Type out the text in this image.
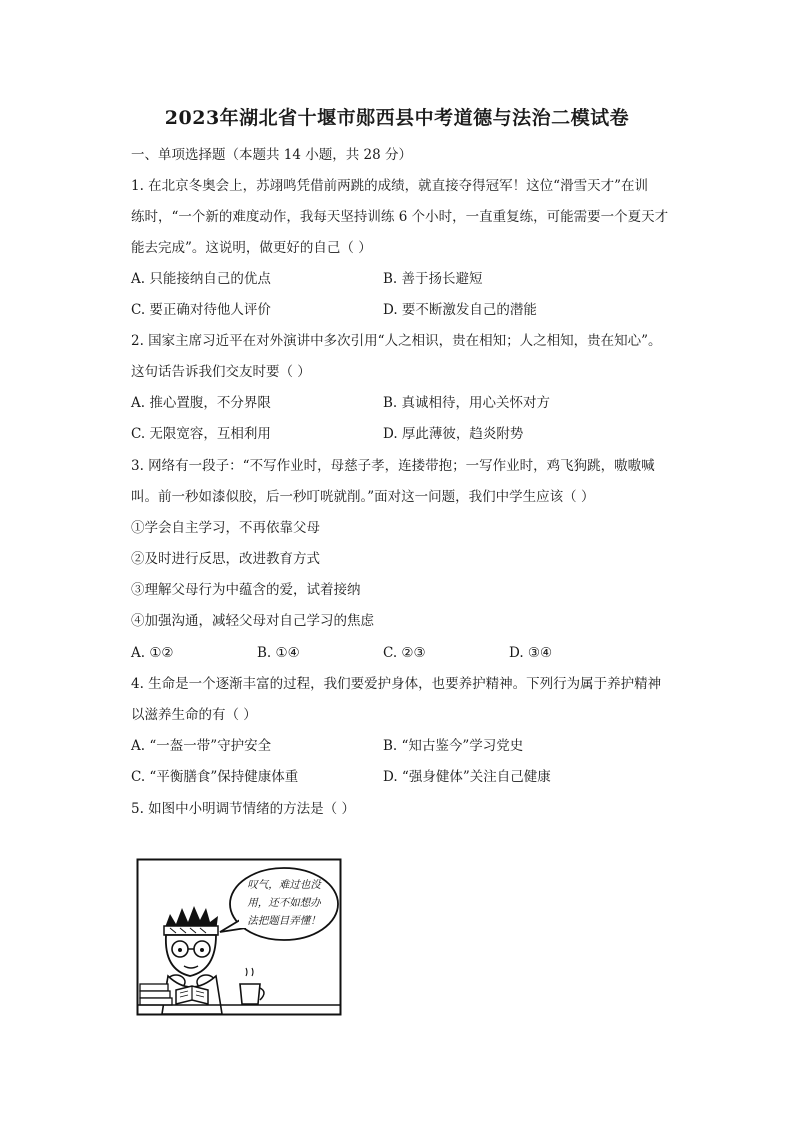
2023年湖北省十堰市郧西县中考道德与法治二模试卷
一、单项选择题（本题共 14 小题，共 28 分）
1. 在北京冬奥会上，苏翊鸣凭借前两跳的成绩，就直接夺得冠军！这位“滑雪天才”在训
练时，“一个新的难度动作，我每天坚持训练 6 个小时，一直重复练，可能需要一个夏天才
能去完成”。这说明，做更好的自己（ ）
A. 只能接纳自己的优点	B. 善于扬长避短
C. 要正确对待他人评价	D. 要不断激发自己的潜能
2. 国家主席习近平在对外演讲中多次引用“人之相识，贵在相知；人之相知，贵在知心”。
这句话告诉我们交友时要（ ）
A. 推心置腹，不分界限	B. 真诚相待，用心关怀对方
C. 无限宽容，互相利用	D. 厚此薄彼，趋炎附势
3. 网络有一段子：“不写作业时，母慈子孝，连搂带抱；一写作业时，鸡飞狗跳，嗷嗷喊
叫。前一秒如漆似胶，后一秒叮咣就削。”面对这一问题，我们中学生应该（ ）
①学会自主学习，不再依靠父母
②及时进行反思，改进教育方式
③理解父母行为中蕴含的爱，试着接纳
④加强沟通，减轻父母对自己学习的焦虑
A. ①②	B. ①④	C. ②③	D. ③④
4. 生命是一个逐渐丰富的过程，我们要爱护身体，也要养护精神。下列行为属于养护精神
以滋养生命的有（ ）
A. “一盔一带”守护安全	B. “知古鉴今”学习党史
C. “平衡膳食”保持健康体重	D. “强身健体”关注自己健康
5. 如图中小明调节情绪的方法是（ ）
叹气，难过也没
用，还不如想办
法把题目弄懂！
